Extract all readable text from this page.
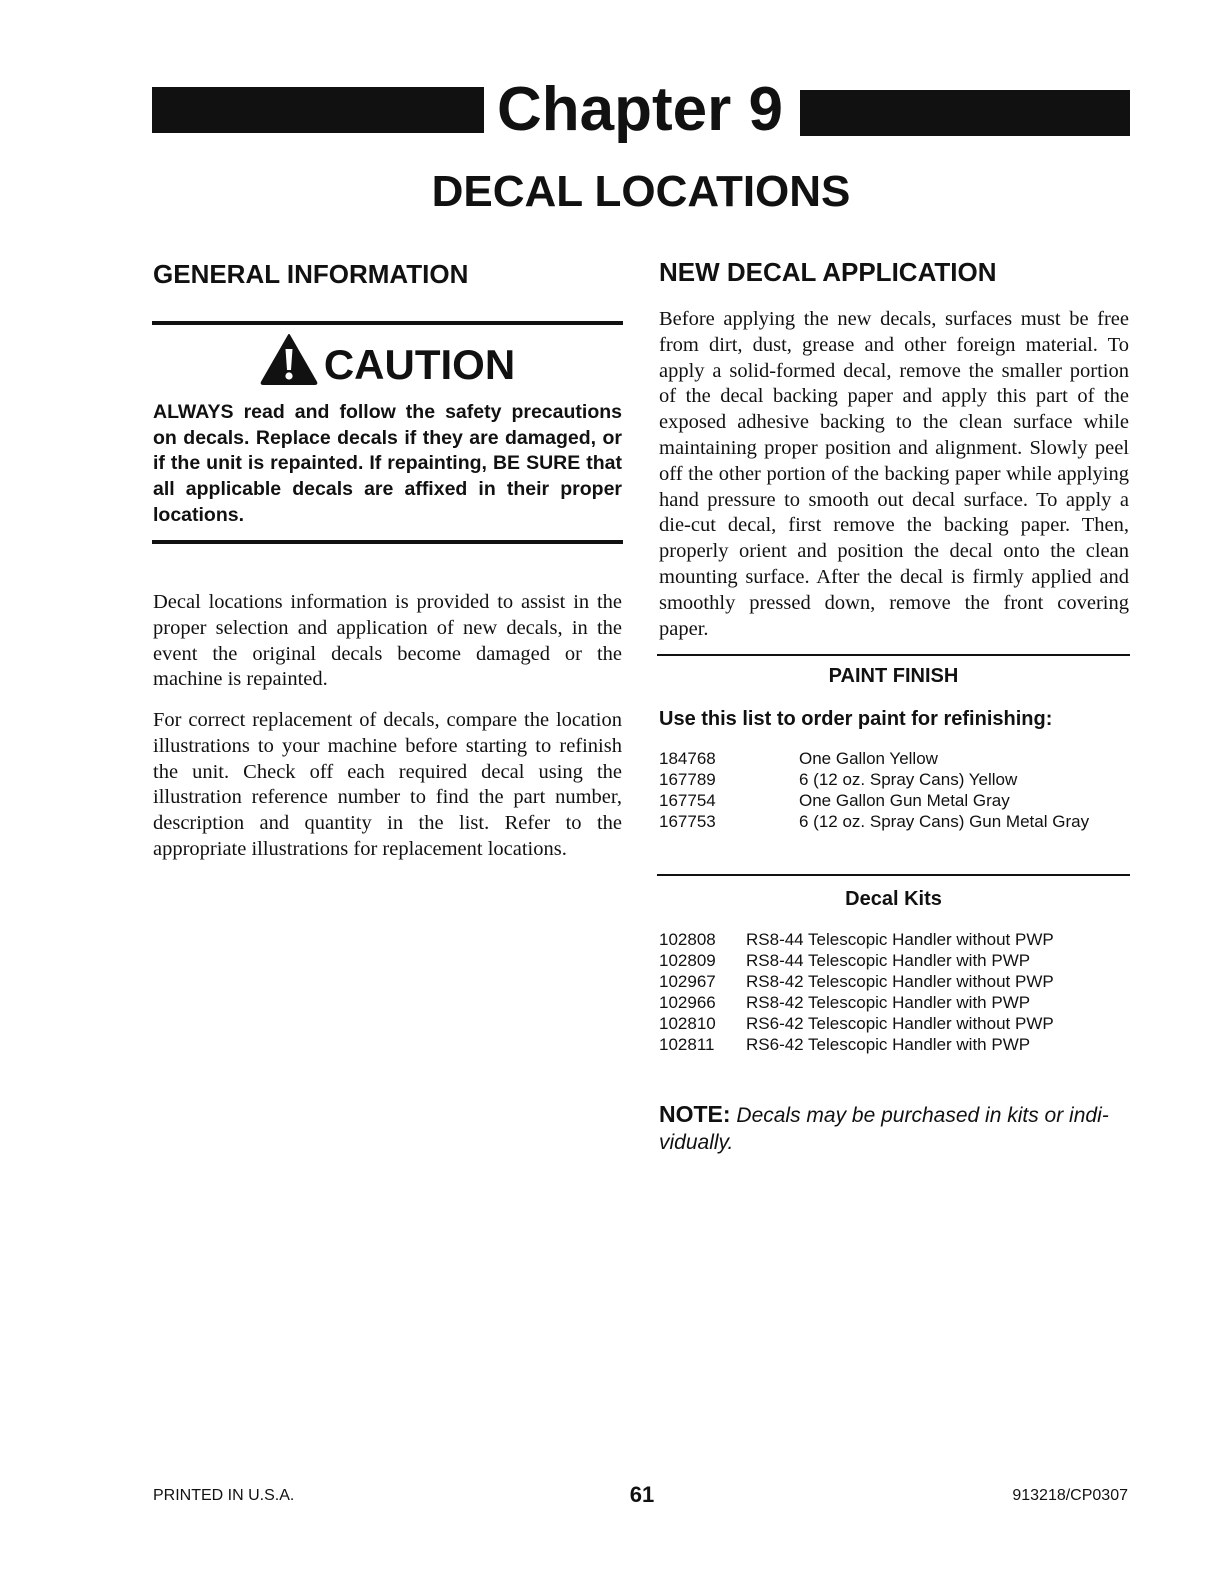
Chapter 9
DECAL LOCATIONS
GENERAL INFORMATION
CAUTION

ALWAYS read and follow the safety precautions on decals. Replace decals if they are damaged, or if the unit is repainted. If repainting, BE SURE that all applicable decals are affixed in their proper locations.

Decal locations information is provided to assist in the proper selection and application of new decals, in the event the original decals become damaged or the machine is repainted.

For correct replacement of decals, compare the location illustrations to your machine before starting to refinish the unit. Check off each required decal using the illustration reference number to find the part number, description and quantity in the list. Refer to the appropriate illustrations for replacement locations.

NEW DECAL APPLICATION

Before applying the new decals, surfaces must be free from dirt, dust, grease and other foreign material. To apply a solid-formed decal, remove the smaller portion of the decal backing paper and apply this part of the exposed adhesive backing to the clean surface while maintaining proper position and alignment. Slowly peel off the other portion of the backing paper while applying hand pressure to smooth out decal surface. To apply a die-cut decal, first remove the backing paper. Then, properly orient and position the decal onto the clean mounting surface. After the decal is firmly applied and smoothly pressed down, remove the front covering paper.

PAINT FINISH

Use this list to order paint for refinishing:

184768	One Gallon Yellow
167789	6 (12 oz. Spray Cans) Yellow
167754	One Gallon Gun Metal Gray
167753	6 (12 oz. Spray Cans) Gun Metal Gray
Decal Kits
102808	RS8-44 Telescopic Handler without PWP
102809	RS8-44 Telescopic Handler with PWP
102967	RS8-42 Telescopic Handler without PWP
102966	RS8-42 Telescopic Handler with PWP
102810	RS6-42 Telescopic Handler without PWP
102811	RS6-42 Telescopic Handler with PWP

NOTE: Decals may be purchased in kits or individually.

PRINTED IN U.S.A.	61	913218/CP0307
